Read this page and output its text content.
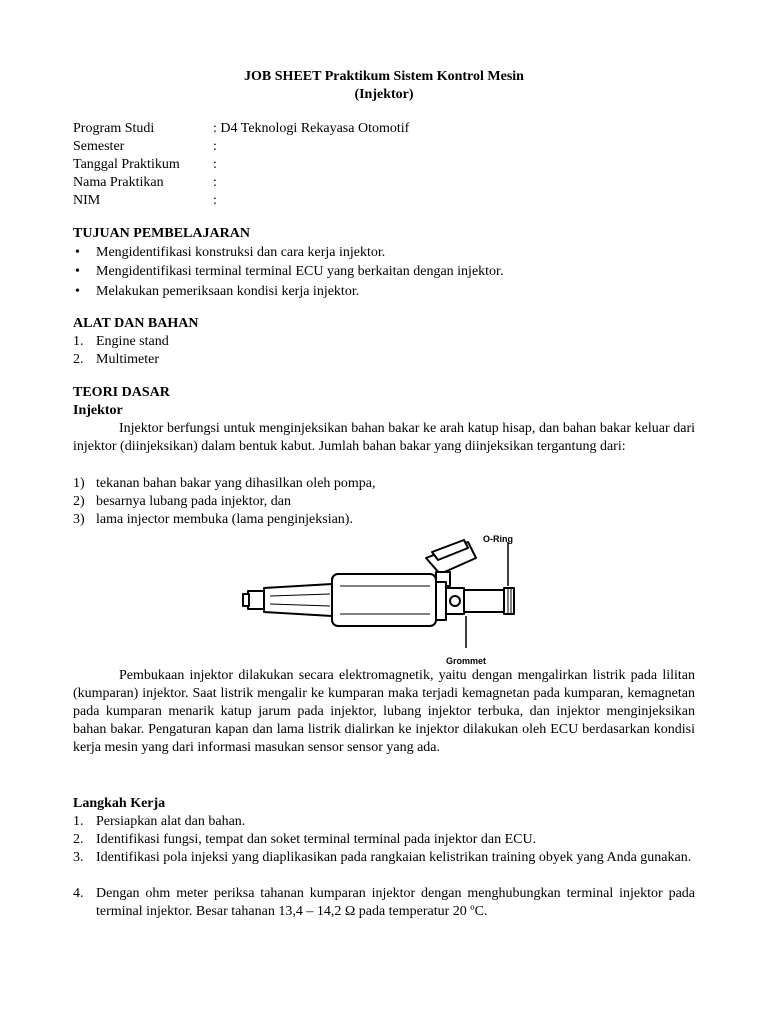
JOB SHEET Praktikum Sistem Kontrol Mesin
(Injektor)
Program Studi	: D4 Teknologi Rekayasa Otomotif
Semester	:
Tanggal Praktikum	:
Nama Praktikan	:
NIM	:
TUJUAN PEMBELAJARAN
• Mengidentifikasi konstruksi dan cara kerja injektor.
• Mengidentifikasi terminal terminal ECU yang berkaitan dengan injektor.
• Melakukan pemeriksaan kondisi kerja injektor.
ALAT DAN BAHAN
1. Engine stand
2. Multimeter
TEORI DASAR
Injektor
Injektor berfungsi untuk menginjeksikan bahan bakar ke arah katup hisap, dan bahan bakar keluar dari injektor (diinjeksikan) dalam bentuk kabut. Jumlah bahan bakar yang diinjeksikan tergantung dari:
1) tekanan bahan bakar yang dihasilkan oleh pompa,
2) besarnya lubang pada injektor, dan
3) lama injector membuka (lama penginjeksian).
O-Ring
Grommet
Pembukaan injektor dilakukan secara elektromagnetik, yaitu dengan mengalirkan listrik pada lilitan (kumparan) injektor. Saat listrik mengalir ke kumparan maka terjadi kemagnetan pada kumparan, kemagnetan pada kumparan menarik katup jarum pada injektor, lubang injektor terbuka, dan injektor menginjeksikan bahan bakar. Pengaturan kapan dan lama listrik dialirkan ke injektor dilakukan oleh ECU berdasarkan kondisi kerja mesin yang dari informasi masukan sensor sensor yang ada.
Langkah Kerja
1. Persiapkan alat dan bahan.
2. Identifikasi fungsi, tempat dan soket terminal terminal pada injektor dan ECU.
3. Identifikasi pola injeksi yang diaplikasikan pada rangkaian kelistrikan training obyek yang Anda gunakan.
4. Dengan ohm meter periksa tahanan kumparan injektor dengan menghubungkan terminal injektor pada terminal injektor. Besar tahanan 13,4 – 14,2 Ω pada temperatur 20 ºC.
